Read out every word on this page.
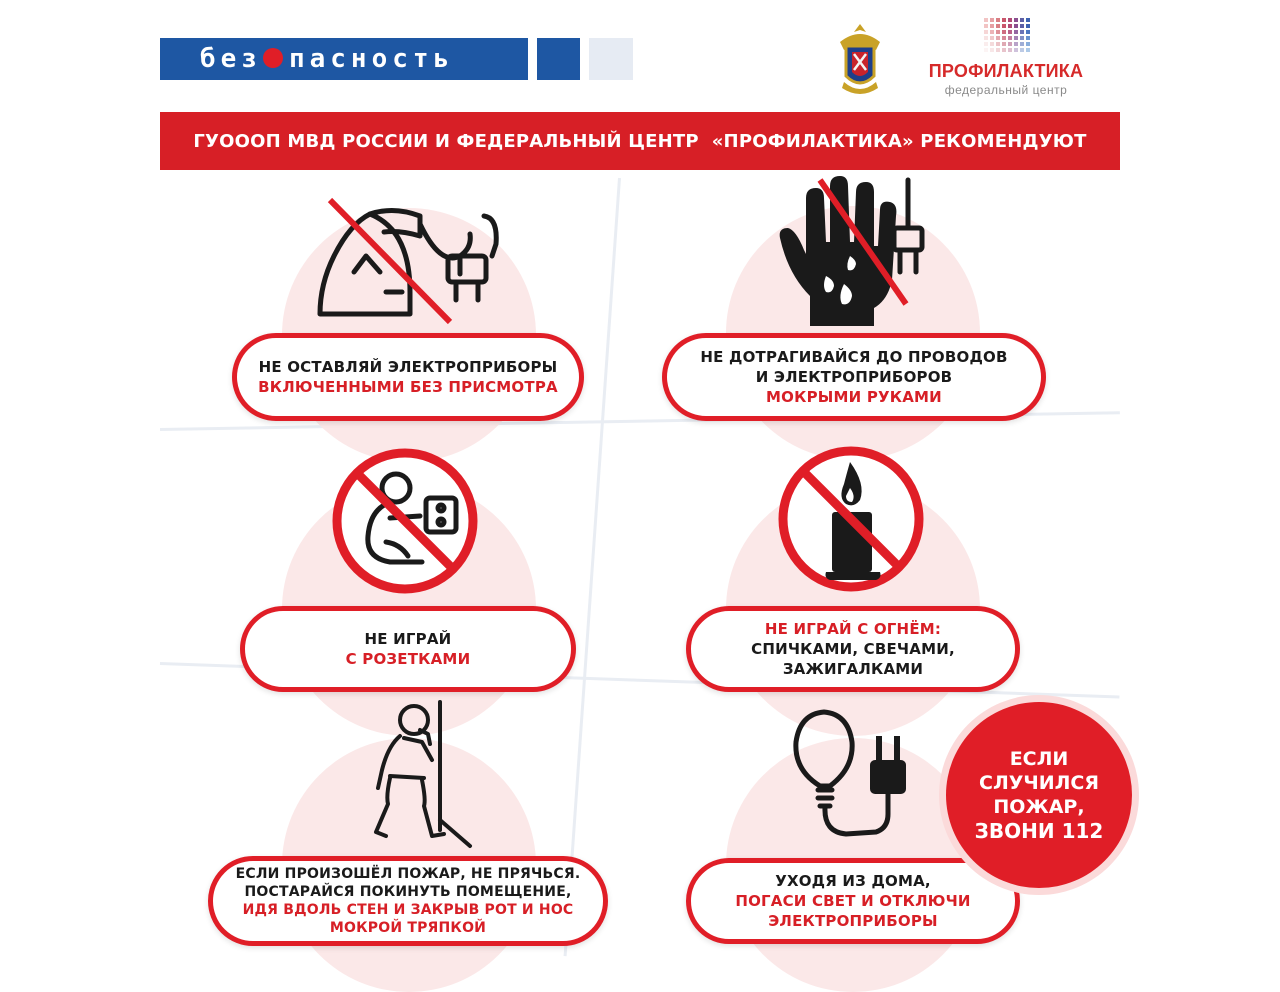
без пасность	ПРОФИЛАКТИКА
федеральный центр
ГУОООП МВД РОССИИ И ФЕДЕРАЛЬНЫЙ ЦЕНТР  «ПРОФИЛАКТИКА» РЕКОМЕНДУЮТ
НЕ ОСТАВЛЯЙ ЭЛЕКТРОПРИБОРЫ
ВКЛЮЧЕННЫМИ БЕЗ ПРИСМОТРА
НЕ ДОТРАГИВАЙСЯ ДО ПРОВОДОВ
И ЭЛЕКТРОПРИБОРОВ
МОКРЫМИ РУКАМИ
НЕ ИГРАЙ
С РОЗЕТКАМИ
НЕ ИГРАЙ С ОГНЁМ:
СПИЧКАМИ, СВЕЧАМИ,
ЗАЖИГАЛКАМИ
ЕСЛИ ПРОИЗОШЁЛ ПОЖАР, НЕ ПРЯЧЬСЯ.
ПОСТАРАЙСЯ ПОКИНУТЬ ПОМЕЩЕНИЕ,
ИДЯ ВДОЛЬ СТЕН И ЗАКРЫВ РОТ И НОС
МОКРОЙ ТРЯПКОЙ
УХОДЯ ИЗ ДОМА,
ПОГАСИ СВЕТ И ОТКЛЮЧИ
ЭЛЕКТРОПРИБОРЫ
ЕСЛИ
СЛУЧИЛСЯ
ПОЖАР,
ЗВОНИ 112
